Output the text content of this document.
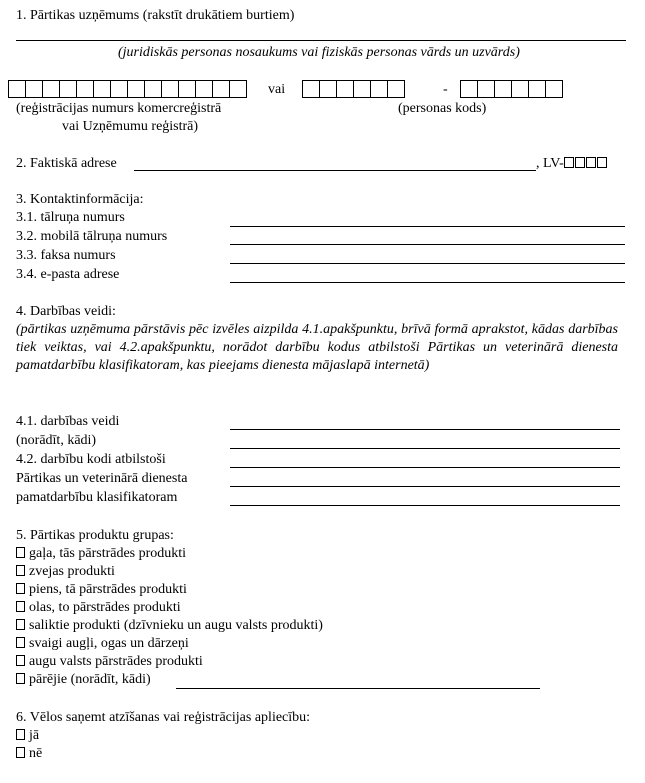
1. Pārtikas uzņēmums (rakstīt drukātiem burtiem)
(juridiskās personas nosaukums vai fiziskās personas vārds un uzvārds)
vai	-
(reģistrācijas numurs komercreģistrā
vai Uzņēmumu reģistrā)
(personas kods)
2. Faktiskā adrese	, LV-
3. Kontaktinformācija:
3.1. tālruņa numurs
3.2. mobilā tālruņa numurs
3.3. faksa numurs
3.4. e-pasta adrese
4. Darbības veidi:
(pārtikas uzņēmuma pārstāvis pēc izvēles aizpilda 4.1.apakšpunktu, brīvā formā aprakstot, kādas darbības tiek veiktas, vai 4.2.apakšpunktu, norādot darbību kodus atbilstoši Pārtikas un veterinārā dienesta pamatdarbību klasifikatoram, kas pieejams dienesta mājaslapā internetā)
4.1. darbības veidi
(norādīt, kādi)
4.2. darbību kodi atbilstoši
Pārtikas un veterinārā dienesta
pamatdarbību klasifikatoram
5. Pārtikas produktu grupas:
gaļa, tās pārstrādes produkti
zvejas produkti
piens, tā pārstrādes produkti
olas, to pārstrādes produkti
saliktie produkti (dzīvnieku un augu valsts produkti)
svaigi augļi, ogas un dārzeņi
augu valsts pārstrādes produkti
pārējie (norādīt, kādi)
6. Vēlos saņemt atzīšanas vai reģistrācijas apliecību:
jā
nē
